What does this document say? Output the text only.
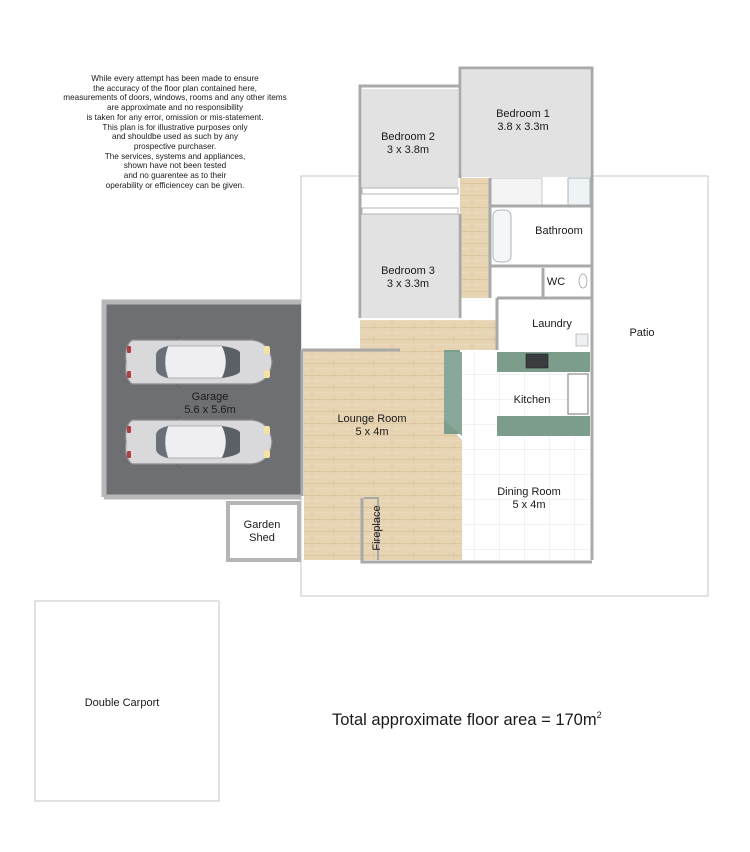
Bedroom 1
3.8 x 3.3m
Bedroom 2
3 x 3.8m
Bedroom 3
3 x 3.3m
Bathroom
WC
Laundry
Patio
Kitchen
Lounge Room
5 x 4m
Dining Room
5 x 4m
Garage
5.6 x 5.6m
Garden
Shed	Fireplace
Double Carport
While every attempt has been made to ensure
the accuracy of the floor plan contained here,
measurements of doors, windows, rooms and any other items
are approximate and no responsibility
is taken for any error, omission or mis-statement.
This plan is for illustrative purposes only
and shouldbe used as such by any
prospective purchaser.
The services, systems and appliances,
shown have not been tested
and no guarentee as to their
operability or efficiencey can be given.
Total approximate floor area = $170m^2$
